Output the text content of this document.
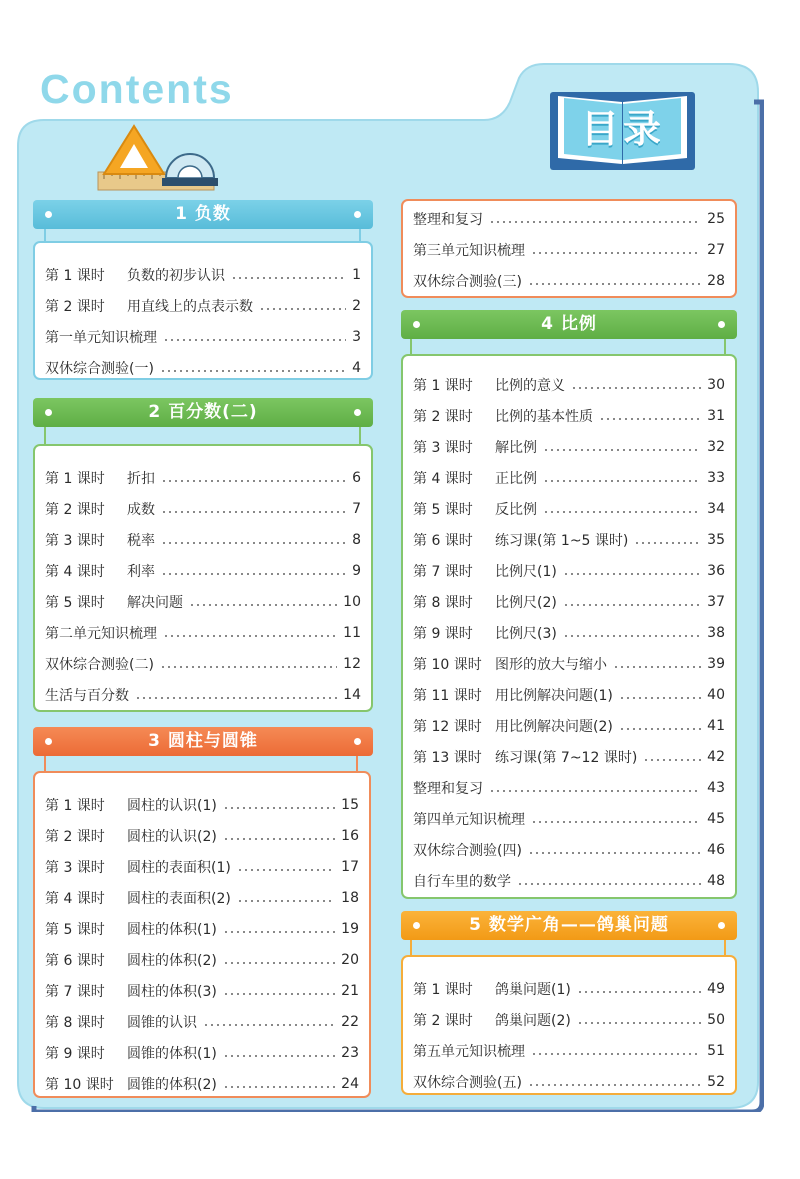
Contents
目录
1 负数
第 1 课时 负数的初步认识	1
第 2 课时 用直线上的点表示数	2
第一单元知识梳理	3
双休综合测验(一)	4
2 百分数(二)
第 1 课时 折扣	6
第 2 课时 成数	7
第 3 课时 税率	8
第 4 课时 利率	9
第 5 课时 解决问题	10
第二单元知识梳理	11
双休综合测验(二)	12
生活与百分数	14
3 圆柱与圆锥
第 1 课时 圆柱的认识(1)	15
第 2 课时 圆柱的认识(2)	16
第 3 课时 圆柱的表面积(1)	17
第 4 课时 圆柱的表面积(2)	18
第 5 课时 圆柱的体积(1)	19
第 6 课时 圆柱的体积(2)	20
第 7 课时 圆柱的体积(3)	21
第 8 课时 圆锥的认识	22
第 9 课时 圆锥的体积(1)	23
第 10 课时 圆锥的体积(2)	24
整理和复习	25
第三单元知识梳理	27
双休综合测验(三)	28
4 比例
第 1 课时 比例的意义	30
第 2 课时 比例的基本性质	31
第 3 课时 解比例	32
第 4 课时 正比例	33
第 5 课时 反比例	34
第 6 课时 练习课(第 1~5 课时)	35
第 7 课时 比例尺(1)	36
第 8 课时 比例尺(2)	37
第 9 课时 比例尺(3)	38
第 10 课时 图形的放大与缩小	39
第 11 课时 用比例解决问题(1)	40
第 12 课时 用比例解决问题(2)	41
第 13 课时 练习课(第 7~12 课时)	42
整理和复习	43
第四单元知识梳理	45
双休综合测验(四)	46
自行车里的数学	48
5 数学广角——鸽巢问题
第 1 课时 鸽巢问题(1)	49
第 2 课时 鸽巢问题(2)	50
第五单元知识梳理	51
双休综合测验(五)	52
